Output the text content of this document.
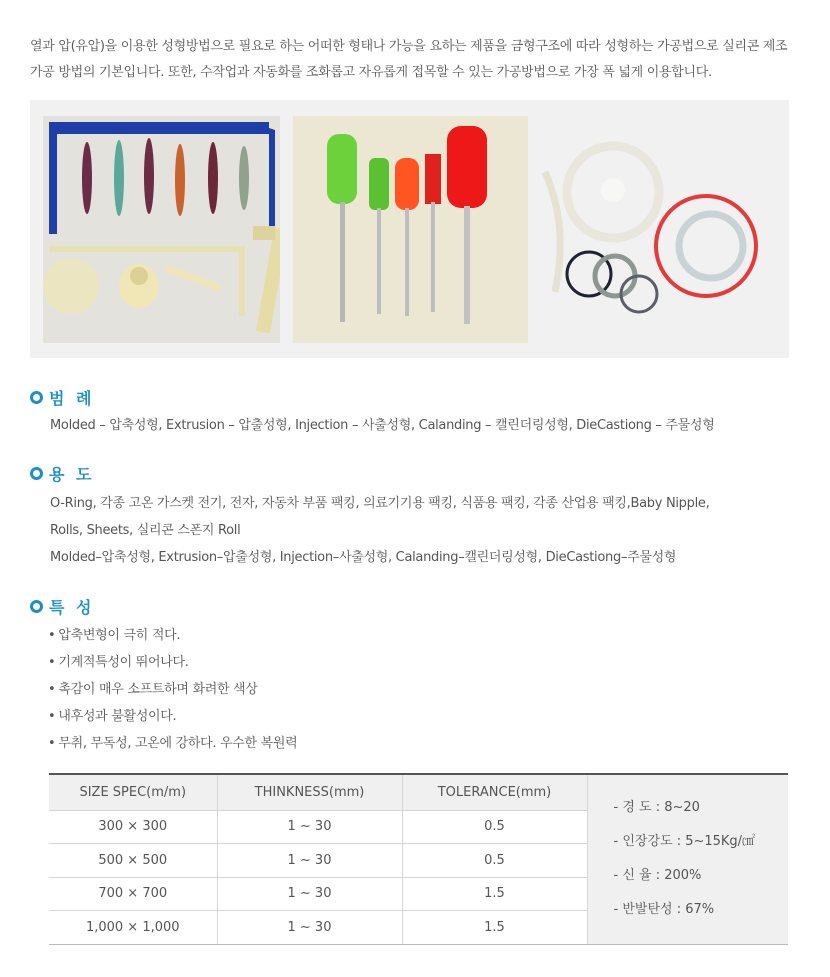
열과 압(유압)을 이용한 성형방법으로 필요로 하는 어떠한 형태나 가능을 요하는 제품을 금형구조에 따라 성형하는 가공법으로 실리콘 제조
가공 방법의 기본입니다. 또한, 수작업과 자동화를 조화롭고 자유롭게 접목할 수 있는 가공방법으로 가장 폭 넓게 이용합니다.

범 례
Molded – 압축성형, Extrusion – 압출성형, Injection – 사출성형, Calanding – 캘린더링성형, DieCastiong – 주물성형
용 도
O-Ring, 각종 고온 가스켓 전기, 전자, 자동차 부품 팩킹, 의료기기용 팩킹, 식품용 팩킹, 각종 산업용 팩킹,Baby Nipple,
Rolls, Sheets, 실리콘 스폰지 Roll
Molded–압축성형, Extrusion–압출성형, Injection–사출성형, Calanding–캘린더링성형, DieCastiong–주물성형
특 성
• 압축변형이 극히 적다.
• 기계적특성이 뛰어나다.
• 촉감이 매우 소프트하며 화려한 색상
• 내후성과 불활성이다.
• 무취, 무독성, 고온에 강하다. 우수한 복원력
SIZE SPEC(m/m)	THINKNESS(mm)	TOLERANCE(mm)	- 경 도 : 8~20
- 인장강도 : 5~15Kg/㎠
- 신 율 : 200%
- 반발탄성 : 67%

300 × 300	1 ~ 30	0.5	
500 × 500	1 ~ 30	0.5	
700 × 700	1 ~ 30	1.5	
1,000 × 1,000	1 ~ 30	1.5	
